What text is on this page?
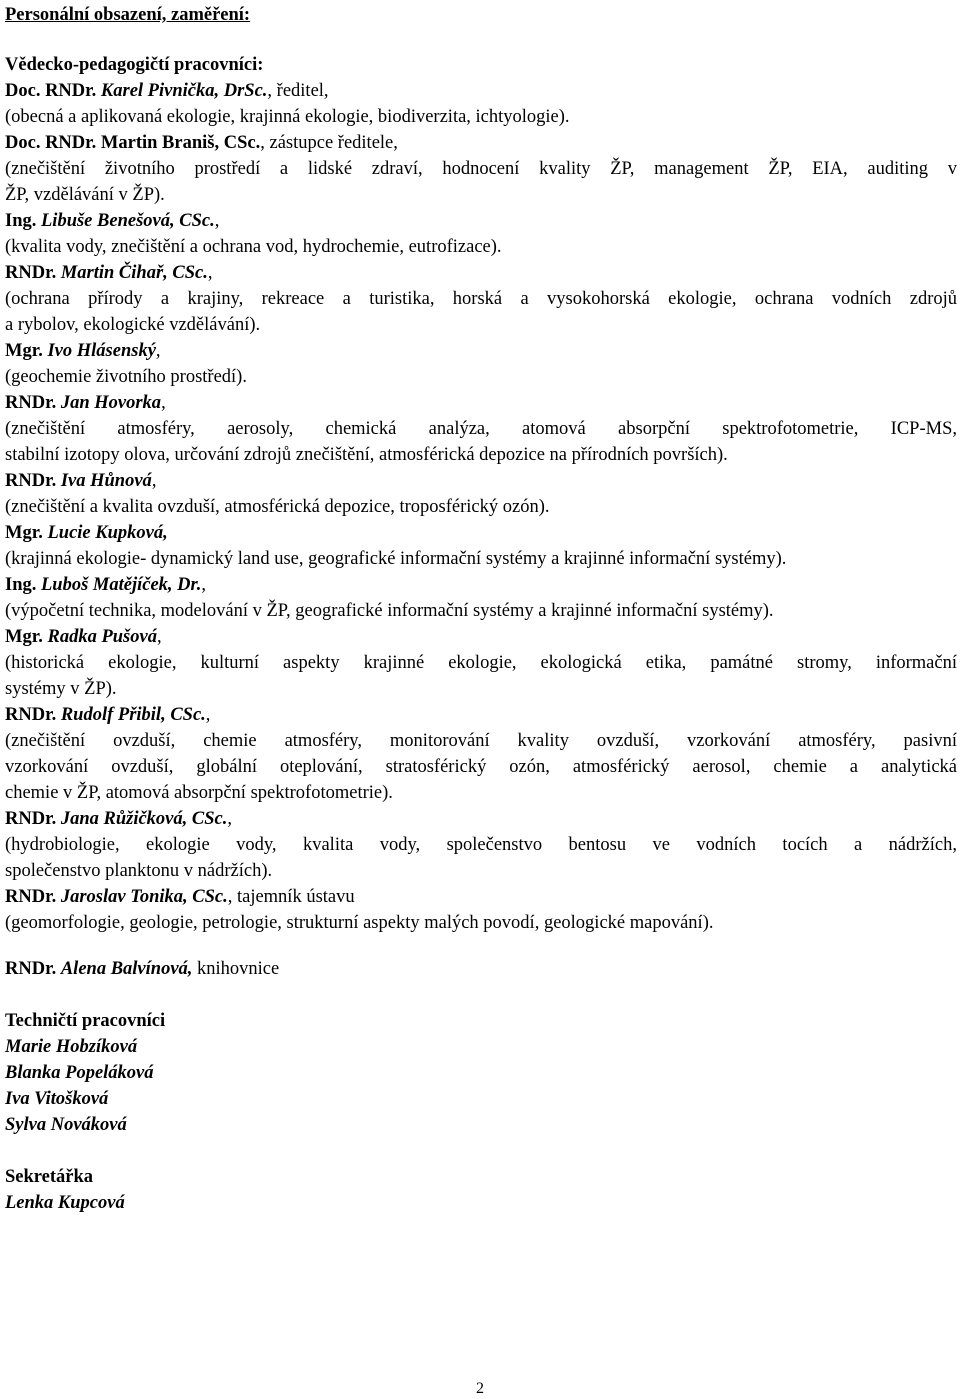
Personální obsazení, zaměření:
Vědecko-pedagogičtí pracovníci:
Doc. RNDr. Karel Pivnička, DrSc., ředitel,
(obecná a aplikovaná ekologie, krajinná ekologie, biodiverzita, ichtyologie).
Doc. RNDr. Martin Braniš, CSc., zástupce ředitele,
(znečištění životního prostředí a lidské zdraví, hodnocení kvality ŽP, management ŽP, EIA, auditing v
ŽP, vzdělávání v ŽP).
Ing. Libuše Benešová, CSc.,
(kvalita vody, znečištění a ochrana vod, hydrochemie, eutrofizace).
RNDr. Martin Čihař, CSc.,
(ochrana přírody a krajiny, rekreace a turistika, horská a vysokohorská ekologie, ochrana vodních zdrojů
a rybolov, ekologické vzdělávání).
Mgr. Ivo Hlásenský,
(geochemie životního prostředí).
RNDr. Jan Hovorka,
(znečištění atmosféry, aerosoly, chemická analýza, atomová absorpční spektrofotometrie, ICP-MS,
stabilní izotopy olova, určování zdrojů znečištění, atmosférická depozice na přírodních površích).
RNDr. Iva Hůnová,
(znečištění a kvalita ovzduší, atmosférická depozice, troposférický ozón).
Mgr. Lucie Kupková,
(krajinná ekologie- dynamický land use, geografické informační systémy a krajinné informační systémy).
Ing. Luboš Matějíček, Dr.,
(výpočetní technika, modelování v ŽP, geografické informační systémy a krajinné informační systémy).
Mgr. Radka Pušová,
(historická ekologie, kulturní aspekty krajinné ekologie, ekologická etika, památné stromy, informační
systémy v ŽP).
RNDr. Rudolf Přibil, CSc.,
(znečištění ovzduší, chemie atmosféry, monitorování kvality ovzduší, vzorkování atmosféry, pasivní
vzorkování ovzduší, globální oteplování, stratosférický ozón, atmosférický aerosol, chemie a analytická
chemie v ŽP, atomová absorpční spektrofotometrie).
RNDr. Jana Růžičková, CSc.,
(hydrobiologie, ekologie vody, kvalita vody, společenstvo bentosu ve vodních tocích a nádržích,
společenstvo planktonu v nádržích).
RNDr. Jaroslav Tonika, CSc., tajemník ústavu
(geomorfologie, geologie, petrologie, strukturní aspekty malých povodí, geologické mapování).
RNDr. Alena Balvínová, knihovnice
Techničtí pracovníci
Marie Hobzíková
Blanka Popeláková
Iva Vitošková
Sylva Nováková
Sekretářka
Lenka Kupcová
2
